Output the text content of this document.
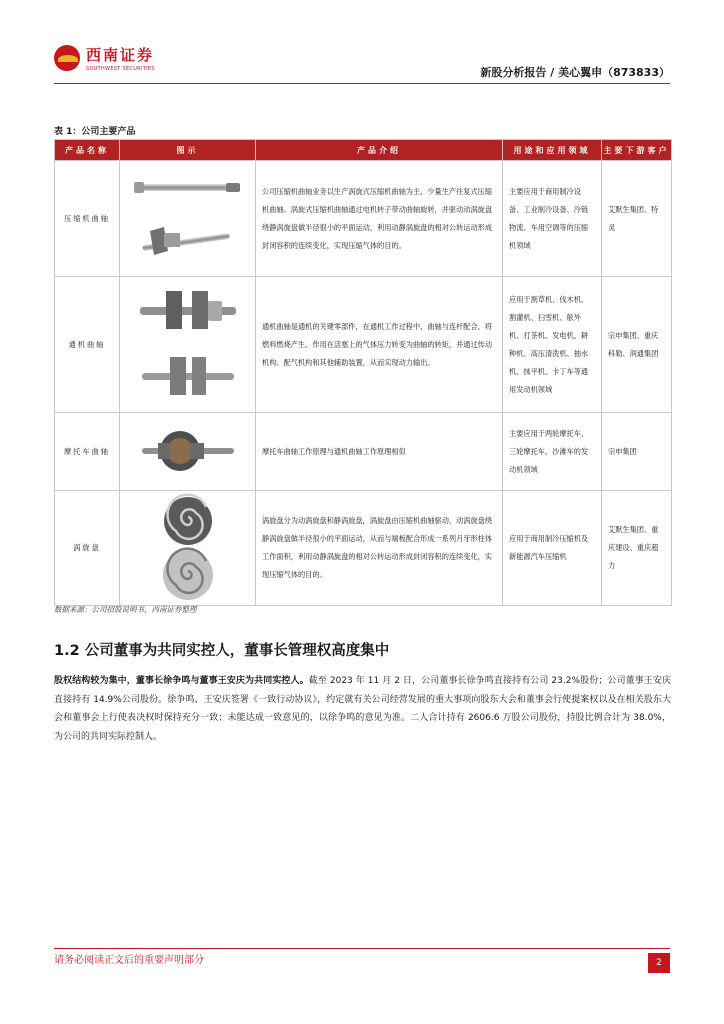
西南证券
SOUTHWEST SECURITIES	新股分析报告 / 美心翼申（873833）
表 1：公司主要产品
产品名称	图示	产品介绍	用途和应用领域	主要下游客户
压缩机曲轴		公司压缩机曲轴业务以生产涡旋式压缩机曲轴为主，少量生产往复式压缩机曲轴。涡旋式压缩机曲轴通过电机转子带动曲轴旋转，并驱动动涡旋盘绕静涡旋盘做半径很小的平面运动，利用动静涡旋盘的相对公转运动形成封闭容积的连续变化，实现压缩气体的目的。	主要应用于商用制冷设备、工业制冷设备、冷链物流、车用空调等的压缩机领域	艾默生集团、特灵
通机曲轴		通机曲轴是通机的关键零部件，在通机工作过程中，曲轴与连杆配合，将燃料燃烧产生、作用在活塞上的气体压力转变为曲轴的转矩，并通过传动机构、配气机构和其他辅助装置，从而实现动力输出。	应用于割草机、伐木机、割灌机、扫雪机、舷外机、打茶机、发电机、耕种机、高压清洗机、抽水机、抹平机、卡丁车等通用发动机领域	宗申集团、重庆科勒、润通集团
摩托车曲轴		摩托车曲轴工作原理与通机曲轴工作原理相似	主要应用于两轮摩托车、三轮摩托车、沙滩车的发动机领域	宗申集团
涡旋盘		涡旋盘分为动涡旋盘和静涡旋盘，涡旋盘由压缩机曲轴驱动，动涡旋盘绕静涡旋盘做半径很小的平面运动，从而与端板配合形成一系列月牙形柱体工作面积，利用动静涡旋盘的相对公转运动形成封闭容积的连续变化，实现压缩气体的目的。	应用于商用制冷压缩机及新能源汽车压缩机	艾默生集团、重庆建设、重庆超力
数据来源：公司招股说明书，西南证券整理
1.2 公司董事为共同实控人，董事长管理权高度集中

股权结构较为集中，董事长徐争鸣与董事王安庆为共同实控人。截至 2023 年 11 月 2 日，公司董事长徐争鸣直接持有公司 23.2%股份；公司董事王安庆直接持有 14.9%公司股份。徐争鸣、王安庆签署《一致行动协议》，约定就有关公司经营发展的重大事项向股东大会和董事会行使提案权以及在相关股东大会和董事会上行使表决权时保持充分一致；未能达成一致意见的，以徐争鸣的意见为准。二人合计持有 2606.6 万股公司股份，持股比例合计为 38.0%，为公司的共同实际控制人。

请务必阅读正文后的重要声明部分	2
